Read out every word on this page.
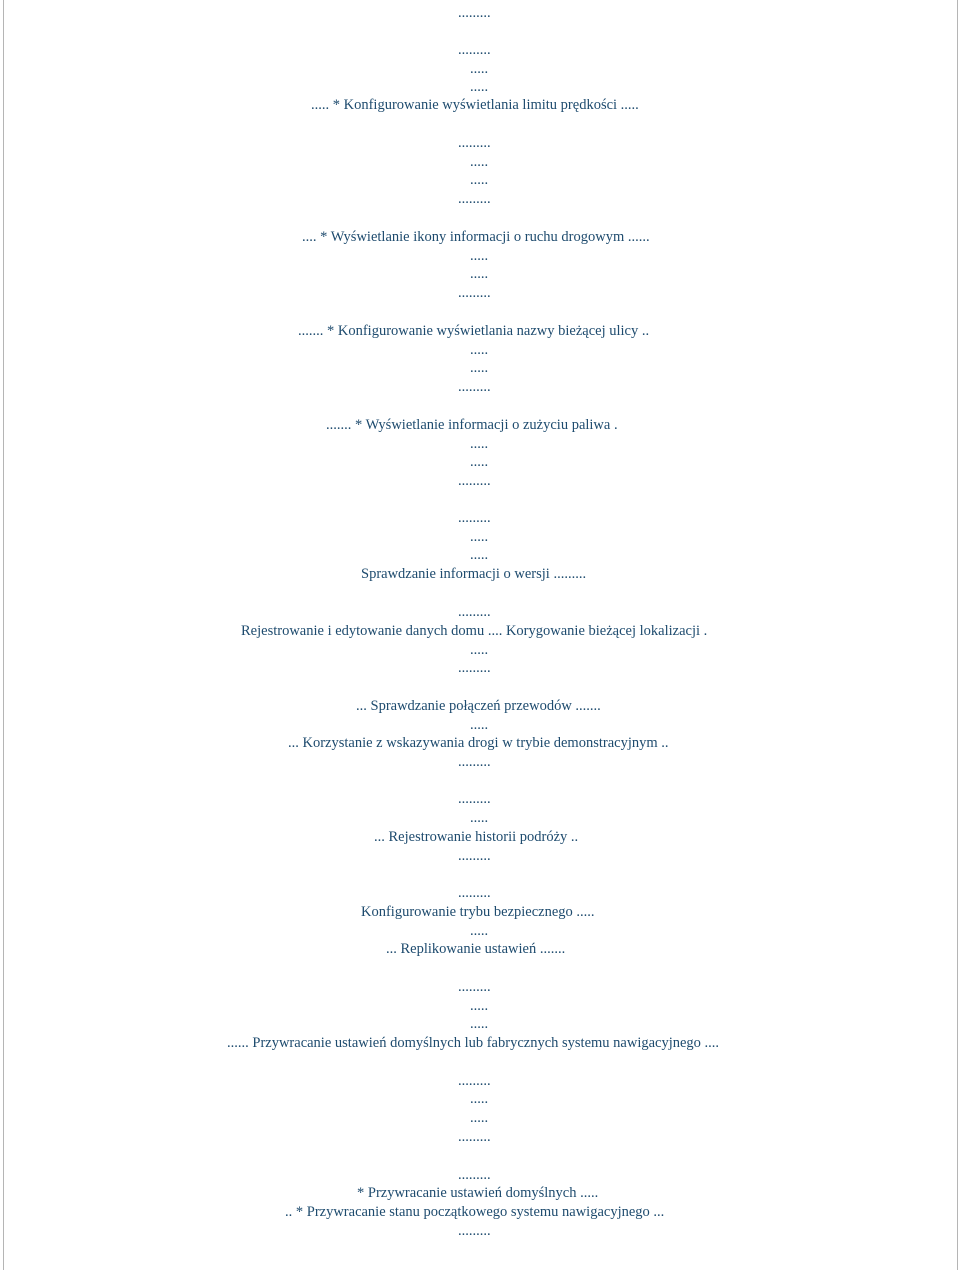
.........
.........
.....
.....
..... * Konfigurowanie wyświetlania limitu prędkości .....
.........
.....
.....
.........
.... * Wyświetlanie ikony informacji o ruchu drogowym ......
.....
.....
.........
....... * Konfigurowanie wyświetlania nazwy bieżącej ulicy ..
.....
.....
.........
....... * Wyświetlanie informacji o zużyciu paliwa .
.....
.....
.........
.........
.....
.....
Sprawdzanie informacji o wersji .........
.........
Rejestrowanie i edytowanie danych domu .... Korygowanie bieżącej lokalizacji .
.....
.........
... Sprawdzanie połączeń przewodów .......
.....
... Korzystanie z wskazywania drogi w trybie demonstracyjnym ..
.........
.........
.....
... Rejestrowanie historii podróży ..
.........
.........
Konfigurowanie trybu bezpiecznego .....
.....
... Replikowanie ustawień .......
.........
.....
.....
...... Przywracanie ustawień domyślnych lub fabrycznych systemu nawigacyjnego ....
.........
.....
.....
.........
.........
* Przywracanie ustawień domyślnych .....
.. * Przywracanie stanu początkowego systemu nawigacyjnego ...
.........
